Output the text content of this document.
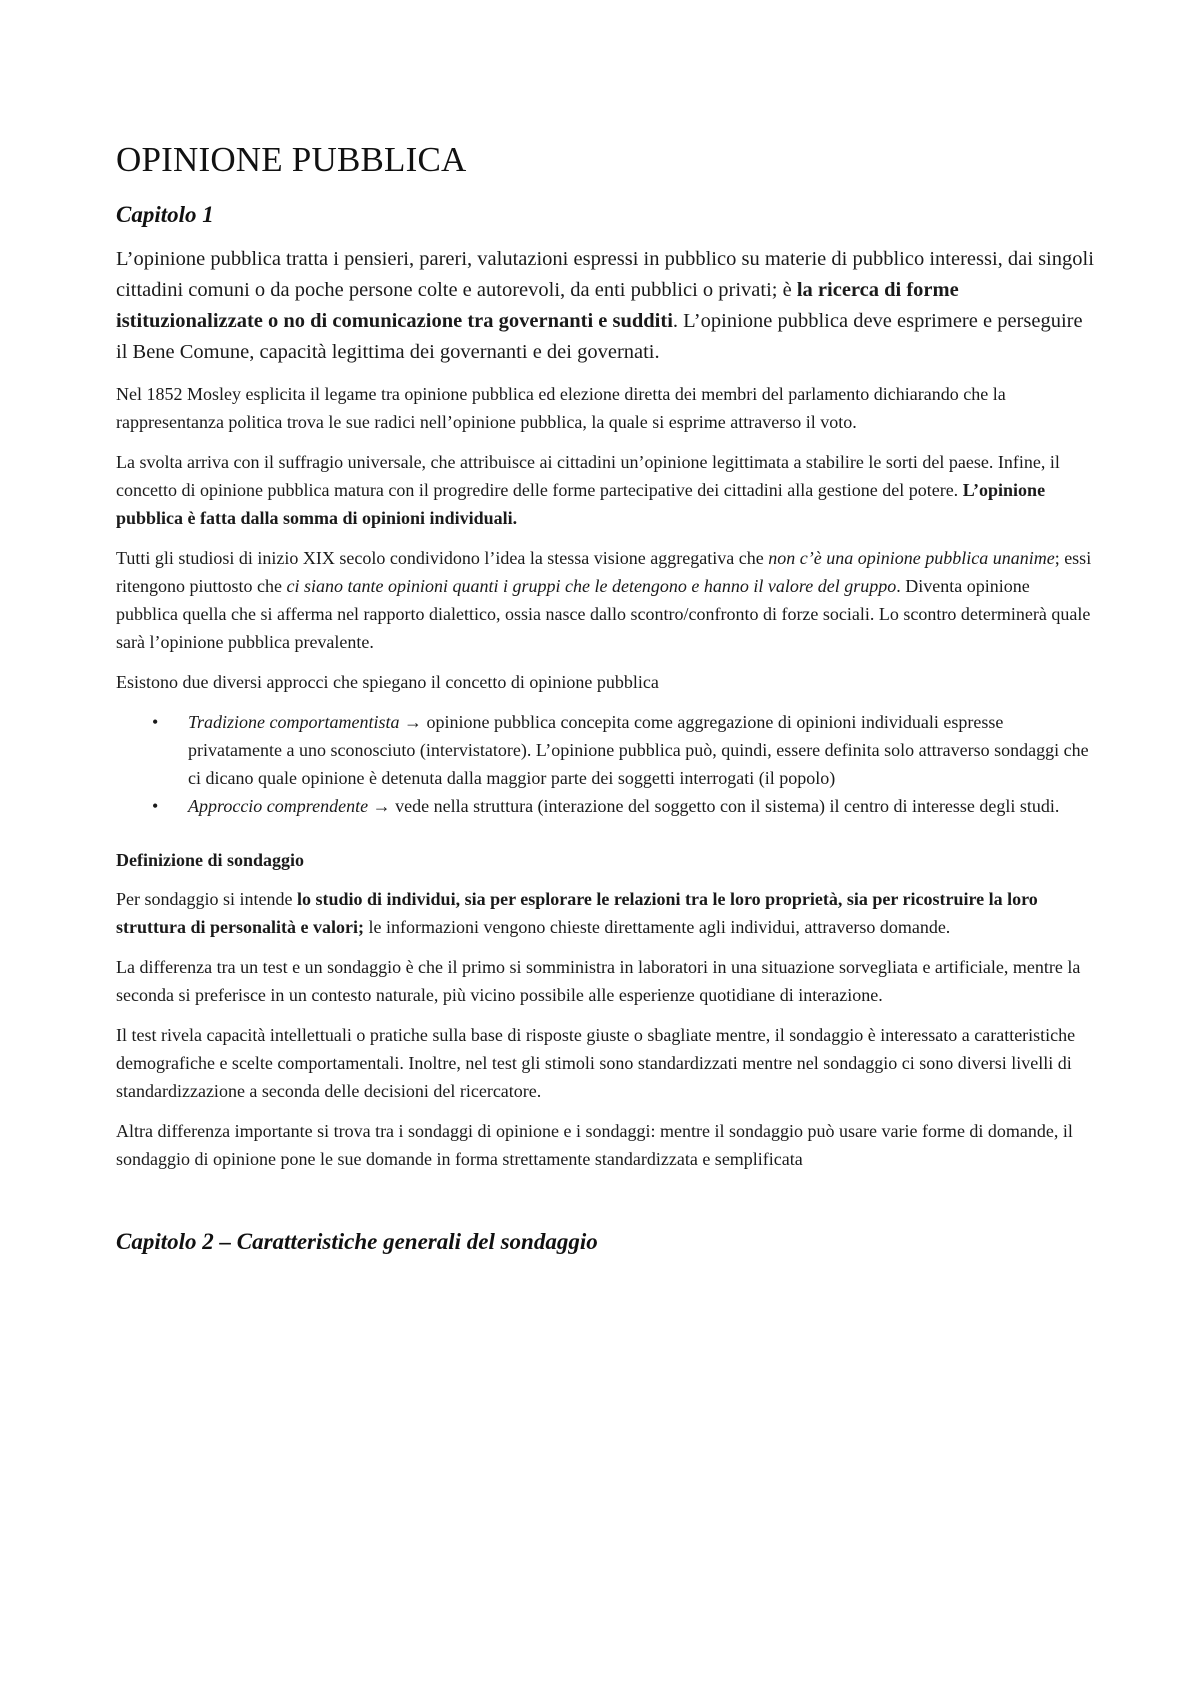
OPINIONE PUBBLICA
Capitolo 1

L’opinione pubblica tratta i pensieri, pareri, valutazioni espressi in pubblico su materie di pubblico interessi, dai singoli cittadini comuni o da poche persone colte e autorevoli, da enti pubblici o privati; è la ricerca di forme istituzionalizzate o no di comunicazione tra governanti e sudditi. L’opinione pubblica deve esprimere e perseguire il Bene Comune, capacità legittima dei governanti e dei governati.

Nel 1852 Mosley esplicita il legame tra opinione pubblica ed elezione diretta dei membri del parlamento dichiarando che la rappresentanza politica trova le sue radici nell’opinione pubblica, la quale si esprime attraverso il voto.

La svolta arriva con il suffragio universale, che attribuisce ai cittadini un’opinione legittimata a stabilire le sorti del paese. Infine, il concetto di opinione pubblica matura con il progredire delle forme partecipative dei cittadini alla gestione del potere. L’opinione pubblica è fatta dalla somma di opinioni individuali.

Tutti gli studiosi di inizio XIX secolo condividono l’idea la stessa visione aggregativa che non c’è una opinione pubblica unanime; essi ritengono piuttosto che ci siano tante opinioni quanti i gruppi che le detengono e hanno il valore del gruppo. Diventa opinione pubblica quella che si afferma nel rapporto dialettico, ossia nasce dallo scontro/confronto di forze sociali. Lo scontro determinerà quale sarà l’opinione pubblica prevalente.

Esistono due diversi approcci che spiegano il concetto di opinione pubblica

• Tradizione comportamentista → opinione pubblica concepita come aggregazione di opinioni individuali espresse privatamente a uno sconosciuto (intervistatore). L’opinione pubblica può, quindi, essere definita solo attraverso sondaggi che ci dicano quale opinione è detenuta dalla maggior parte dei soggetti interrogati (il popolo)
• Approccio comprendente → vede nella struttura (interazione del soggetto con il sistema) il centro di interesse degli studi.
Definizione di sondaggio

Per sondaggio si intende lo studio di individui, sia per esplorare le relazioni tra le loro proprietà, sia per ricostruire la loro struttura di personalità e valori; le informazioni vengono chieste direttamente agli individui, attraverso domande.

La differenza tra un test e un sondaggio è che il primo si somministra in laboratori in una situazione sorvegliata e artificiale, mentre la seconda si preferisce in un contesto naturale, più vicino possibile alle esperienze quotidiane di interazione.

Il test rivela capacità intellettuali o pratiche sulla base di risposte giuste o sbagliate mentre, il sondaggio è interessato a caratteristiche demografiche e scelte comportamentali. Inoltre, nel test gli stimoli sono standardizzati mentre nel sondaggio ci sono diversi livelli di standardizzazione a seconda delle decisioni del ricercatore.

Altra differenza importante si trova tra i sondaggi di opinione e i sondaggi: mentre il sondaggio può usare varie forme di domande, il sondaggio di opinione pone le sue domande in forma strettamente standardizzata e semplificata

Capitolo 2 – Caratteristiche generali del sondaggio
